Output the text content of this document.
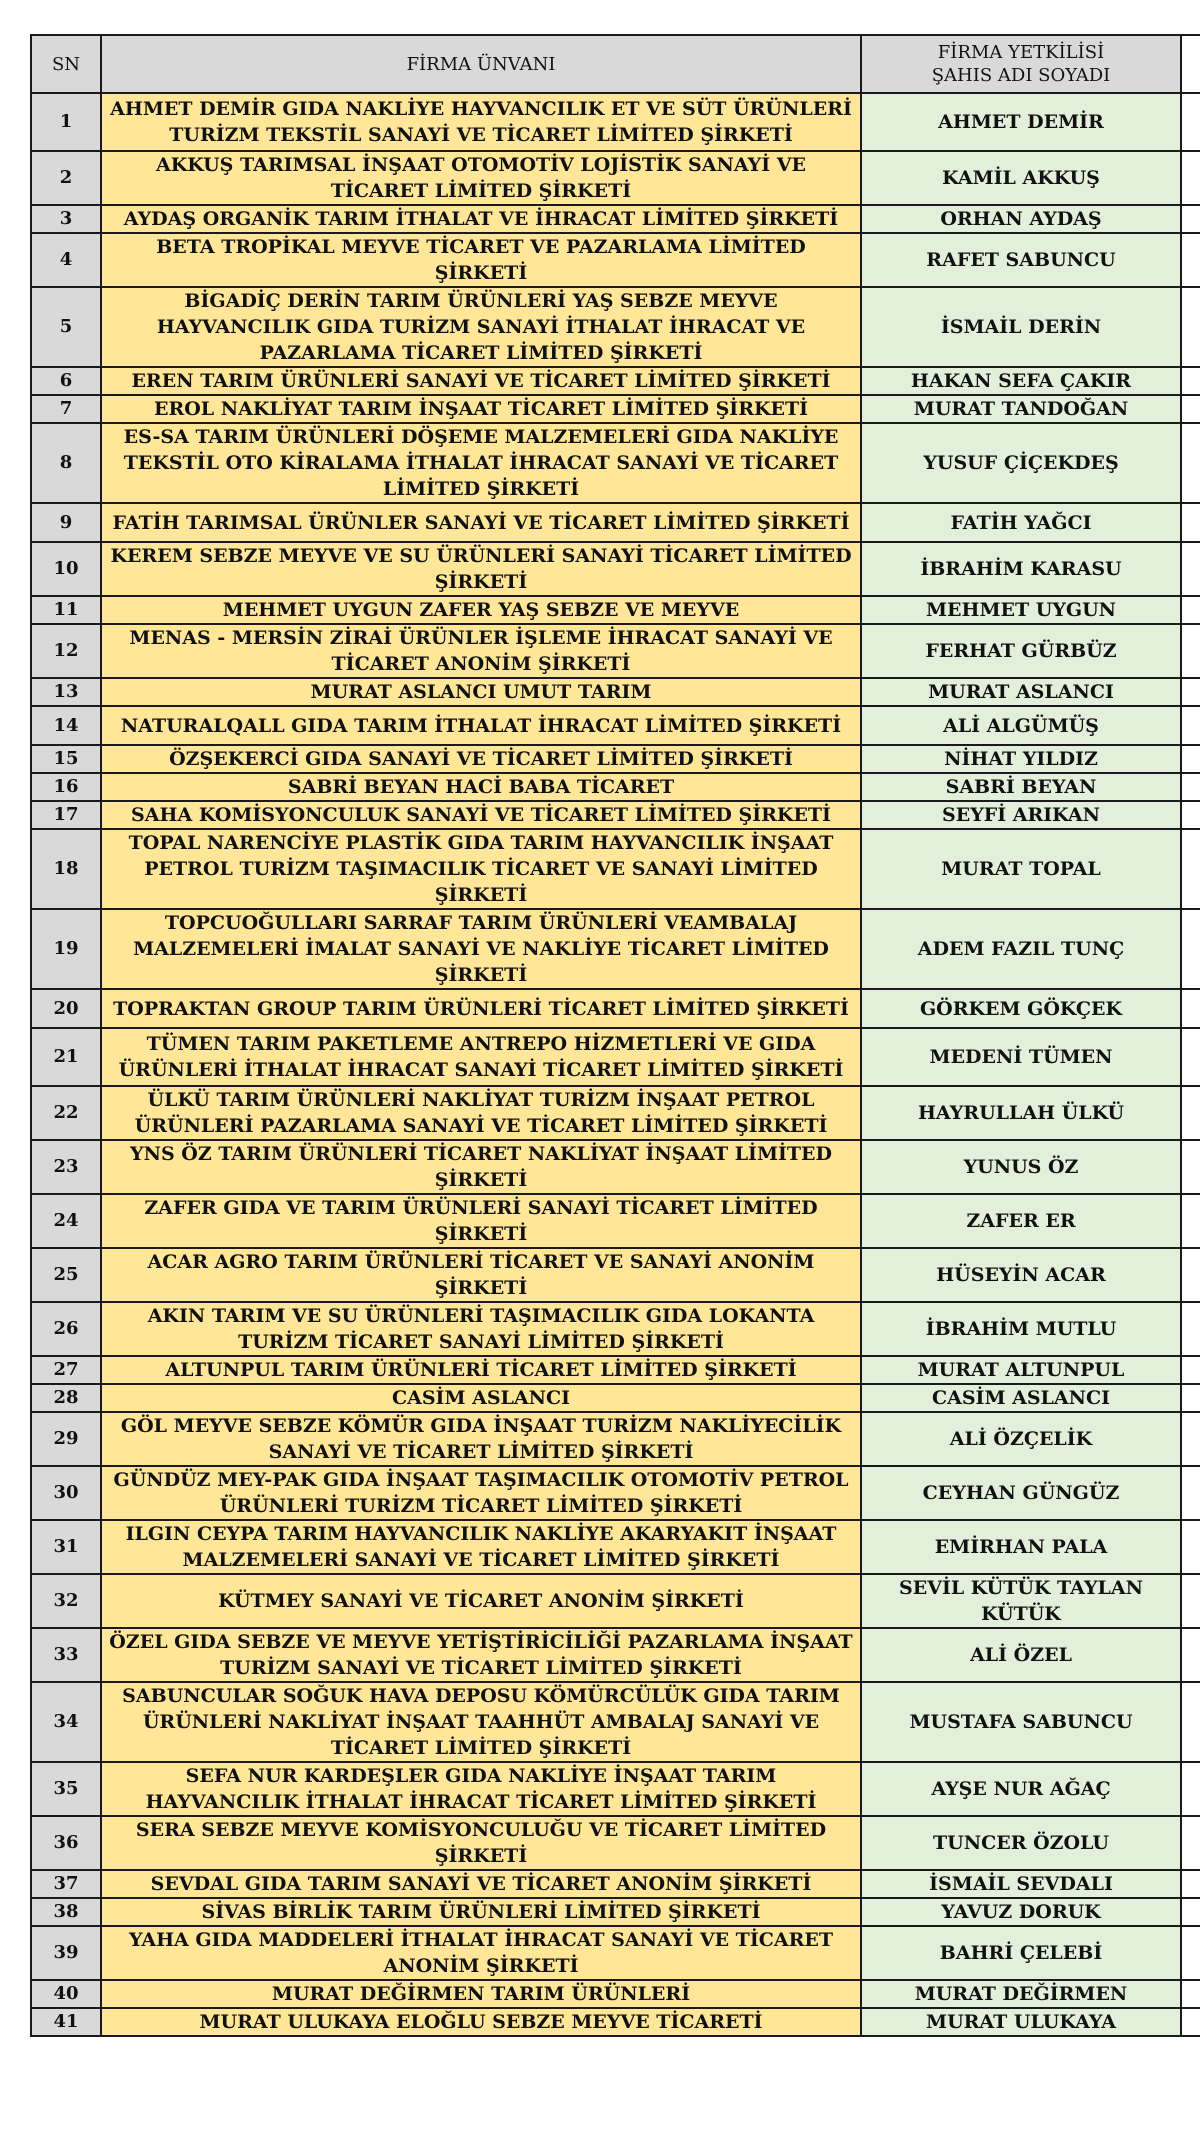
SN	FİRMA ÜNVANI	FİRMA YETKİLİSİ
ŞAHIS ADI SOYADI	

1	AHMET DEMİR GIDA NAKLİYE HAYVANCILIK ET VE SÜT ÜRÜNLERİ TURİZM TEKSTİL SANAYİ VE TİCARET LİMİTED ŞİRKETİ	AHMET DEMİR	
2	AKKUŞ TARIMSAL İNŞAAT OTOMOTİV LOJİSTİK SANAYİ VE TİCARET LİMİTED ŞİRKETİ	KAMİL AKKUŞ	
3	AYDAŞ ORGANİK TARIM İTHALAT VE İHRACAT LİMİTED ŞİRKETİ	ORHAN AYDAŞ	
4	BETA TROPİKAL MEYVE TİCARET VE PAZARLAMA LİMİTED ŞİRKETİ	RAFET SABUNCU	
5	BİGADİÇ DERİN TARIM ÜRÜNLERİ YAŞ SEBZE MEYVE HAYVANCILIK GIDA TURİZM SANAYİ İTHALAT İHRACAT VE PAZARLAMA TİCARET LİMİTED ŞİRKETİ	İSMAİL DERİN	
6	EREN TARIM ÜRÜNLERİ SANAYİ VE TİCARET LİMİTED ŞİRKETİ	HAKAN SEFA ÇAKIR	
7	EROL NAKLİYAT TARIM İNŞAAT TİCARET LİMİTED ŞİRKETİ	MURAT TANDOĞAN	
8	ES-SA TARIM ÜRÜNLERİ DÖŞEME MALZEMELERİ GIDA NAKLİYE TEKSTİL OTO KİRALAMA İTHALAT İHRACAT SANAYİ VE TİCARET LİMİTED ŞİRKETİ	YUSUF ÇİÇEKDEŞ	
9	FATİH TARIMSAL ÜRÜNLER SANAYİ VE TİCARET LİMİTED ŞİRKETİ	FATİH YAĞCI	
10	KEREM SEBZE MEYVE VE SU ÜRÜNLERİ SANAYİ TİCARET LİMİTED ŞİRKETİ	İBRAHİM KARASU	
11	MEHMET UYGUN ZAFER YAŞ SEBZE VE MEYVE	MEHMET UYGUN	
12	MENAS - MERSİN ZİRAİ ÜRÜNLER İŞLEME İHRACAT SANAYİ VE TİCARET ANONİM ŞİRKETİ	FERHAT GÜRBÜZ	
13	MURAT ASLANCI UMUT TARIM	MURAT ASLANCI	
14	NATURALQALL GIDA TARIM İTHALAT İHRACAT LİMİTED ŞİRKETİ	ALİ ALGÜMÜŞ	
15	ÖZŞEKERCİ GIDA SANAYİ VE TİCARET LİMİTED ŞİRKETİ	NİHAT YILDIZ	
16	SABRİ BEYAN HACİ BABA TİCARET	SABRİ BEYAN	
17	SAHA KOMİSYONCULUK SANAYİ VE TİCARET LİMİTED ŞİRKETİ	SEYFİ ARIKAN	
18	TOPAL NARENCİYE PLASTİK GIDA TARIM HAYVANCILIK İNŞAAT PETROL TURİZM TAŞIMACILIK TİCARET VE SANAYİ LİMİTED ŞİRKETİ	MURAT TOPAL	
19	TOPCUOĞULLARI SARRAF TARIM ÜRÜNLERİ VEAMBALAJ MALZEMELERİ İMALAT SANAYİ VE NAKLİYE TİCARET LİMİTED ŞİRKETİ	ADEM FAZIL TUNÇ	
20	TOPRAKTAN GROUP TARIM ÜRÜNLERİ TİCARET LİMİTED ŞİRKETİ	GÖRKEM GÖKÇEK	
21	TÜMEN TARIM PAKETLEME ANTREPO HİZMETLERİ VE GIDA ÜRÜNLERİ İTHALAT İHRACAT SANAYİ TİCARET LİMİTED ŞİRKETİ	MEDENİ TÜMEN	
22	ÜLKÜ TARIM ÜRÜNLERİ NAKLİYAT TURİZM İNŞAAT PETROL ÜRÜNLERİ PAZARLAMA SANAYİ VE TİCARET LİMİTED ŞİRKETİ	HAYRULLAH ÜLKÜ	
23	YNS ÖZ TARIM ÜRÜNLERİ TİCARET NAKLİYAT İNŞAAT LİMİTED ŞİRKETİ	YUNUS ÖZ	
24	ZAFER GIDA VE TARIM ÜRÜNLERİ SANAYİ TİCARET LİMİTED ŞİRKETİ	ZAFER ER	
25	ACAR AGRO TARIM ÜRÜNLERİ TİCARET VE SANAYİ ANONİM ŞİRKETİ	HÜSEYİN ACAR	
26	AKIN TARIM VE SU ÜRÜNLERİ TAŞIMACILIK GIDA LOKANTA TURİZM TİCARET SANAYİ LİMİTED ŞİRKETİ	İBRAHİM MUTLU	
27	ALTUNPUL TARIM ÜRÜNLERİ TİCARET LİMİTED ŞİRKETİ	MURAT ALTUNPUL	
28	CASİM ASLANCI	CASİM ASLANCI	
29	GÖL MEYVE SEBZE KÖMÜR GIDA İNŞAAT TURİZM NAKLİYECİLİK SANAYİ VE TİCARET LİMİTED ŞİRKETİ	ALİ ÖZÇELİK	
30	GÜNDÜZ MEY-PAK GIDA İNŞAAT TAŞIMACILIK OTOMOTİV PETROL ÜRÜNLERİ TURİZM TİCARET LİMİTED ŞİRKETİ	CEYHAN GÜNGÜZ	
31	ILGIN CEYPA TARIM HAYVANCILIK NAKLİYE AKARYAKIT İNŞAAT MALZEMELERİ SANAYİ VE TİCARET LİMİTED ŞİRKETİ	EMİRHAN PALA	
32	KÜTMEY SANAYİ VE TİCARET ANONİM ŞİRKETİ	SEVİL KÜTÜK TAYLAN KÜTÜK	
33	ÖZEL GIDA SEBZE VE MEYVE YETİŞTİRİCİLİĞİ PAZARLAMA İNŞAAT TURİZM SANAYİ VE TİCARET LİMİTED ŞİRKETİ	ALİ ÖZEL	
34	SABUNCULAR SOĞUK HAVA DEPOSU KÖMÜRCÜLÜK GIDA TARIM ÜRÜNLERİ NAKLİYAT İNŞAAT TAAHHÜT AMBALAJ SANAYİ VE TİCARET LİMİTED ŞİRKETİ	MUSTAFA SABUNCU	
35	SEFA NUR KARDEŞLER GIDA NAKLİYE İNŞAAT TARIM HAYVANCILIK İTHALAT İHRACAT TİCARET LİMİTED ŞİRKETİ	AYŞE NUR AĞAÇ	
36	SERA SEBZE MEYVE KOMİSYONCULUĞU VE TİCARET LİMİTED ŞİRKETİ	TUNCER ÖZOLU	
37	SEVDAL GIDA TARIM SANAYİ VE TİCARET ANONİM ŞİRKETİ	İSMAİL SEVDALI	
38	SİVAS BİRLİK TARIM ÜRÜNLERİ LİMİTED ŞİRKETİ	YAVUZ DORUK	
39	YAHA GIDA MADDELERİ İTHALAT İHRACAT SANAYİ VE TİCARET ANONİM ŞİRKETİ	BAHRİ ÇELEBİ	
40	MURAT DEĞİRMEN TARIM ÜRÜNLERİ	MURAT DEĞİRMEN	
41	MURAT ULUKAYA ELOĞLU SEBZE MEYVE TİCARETİ	MURAT ULUKAYA	
